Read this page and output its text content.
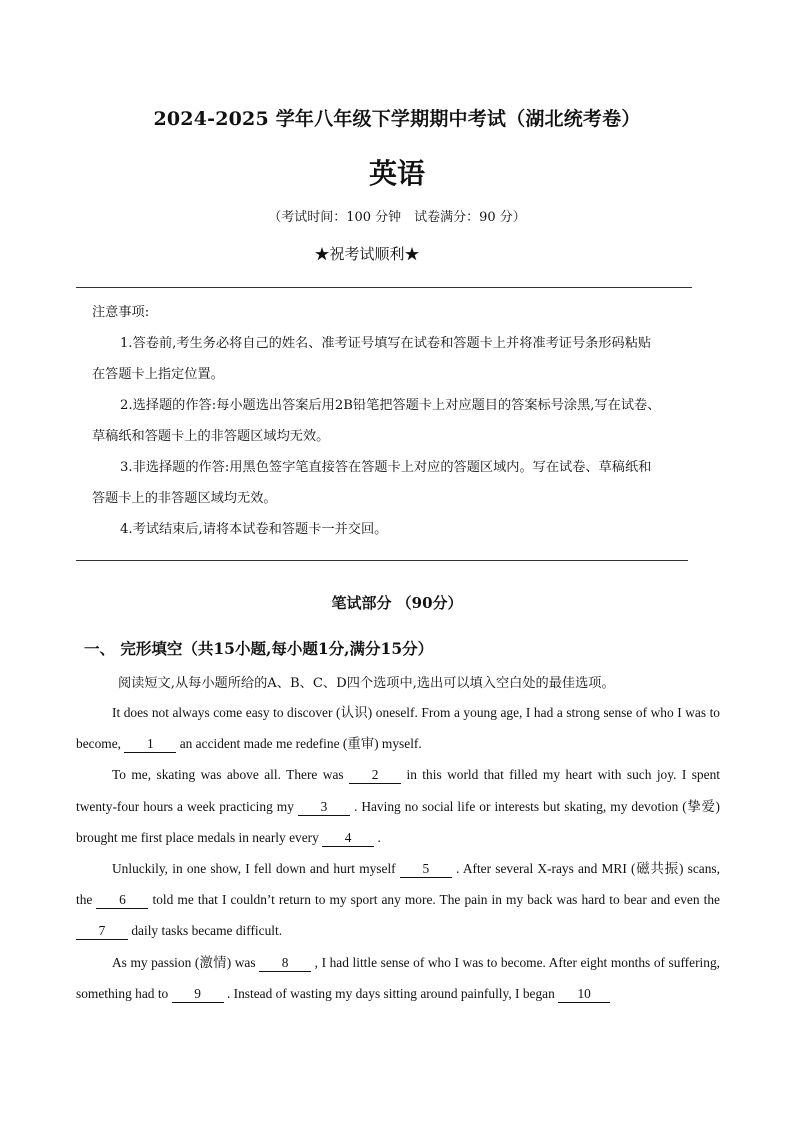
2024-2025 学年八年级下学期期中考试（湖北统考卷）
英语
（考试时间：100 分钟　试卷满分：90 分）
★祝考试顺利★

注意事项:

1.答卷前,考生务必将自己的姓名、准考证号填写在试卷和答题卡上并将准考证号条形码粘贴

在答题卡上指定位置。

2.选择题的作答:每小题选出答案后用2B铅笔把答题卡上对应题目的答案标号涂黑,写在试卷、

草稿纸和答题卡上的非答题区域均无效。

3.非选择题的作答:用黑色签字笔直接答在答题卡上对应的答题区域内。写在试卷、草稿纸和

答题卡上的非答题区域均无效。

4.考试结束后,请将本试卷和答题卡一并交回。

笔试部分 （90分）
一、 完形填空（共15小题,每小题1分,满分15分）
阅读短文,从每小题所给的A、B、C、D四个选项中,选出可以填入空白处的最佳选项。

It does not always come easy to discover (认识) oneself. From a young age, I had a strong sense of who I was to become, 1 an accident made me redefine (重审) myself.

To me, skating was above all. There was 2 in this world that filled my heart with such joy. I spent twenty-four hours a week practicing my 3 . Having no social life or interests but skating, my devotion (挚爱) brought me first place medals in nearly every 4 .

Unluckily, in one show, I fell down and hurt myself 5 . After several X-rays and MRI (磁共振) scans, the 6 told me that I couldn’t return to my sport any more. The pain in my back was hard to bear and even the 7 daily tasks became difficult.

As my passion (激情) was 8 , I had little sense of who I was to become. After eight months of suffering, something had to 9 . Instead of wasting my days sitting around painfully, I began 10
